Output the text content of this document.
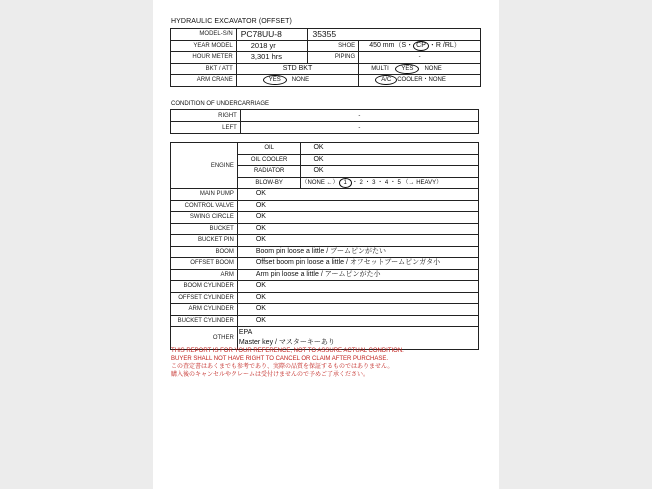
HYDRAULIC EXCAVATOR (OFFSET)
MODEL-S/N	PC78UU-8	35355	
YEAR MODEL	2018 yr	SHOE	450 mm（S・ CP ・R /RL）
HOUR METER	3,301 hrs	PIPING	-
BKT / ATT	STD BKT		MULTI YES NONE
ARM CRANE	YES NONE		A/C COOLER・NONE
CONDITION OF UNDERCARRIAGE
RIGHT	-
LEFT	-
ENGINE	OIL	OK
	OIL COOLER	OK
	RADIATOR	OK
	BLOW-BY	（NONE ←） 1 ・ 2 ・ 3 ・ 4 ・ 5 （→ HEAVY）
MAIN PUMP	OK	
CONTROL VALVE	OK	
SWING CIRCLE	OK	
BUCKET	OK	
BUCKET PIN	OK	
BOOM	Boom pin loose a little / ブームピンがたい	
OFFSET BOOM	Offset boom pin loose a little / オフセットブームピンガタ小	
ARM	Arm pin loose a little / アームピンがた小	
BOOM CYLINDER	OK	
OFFSET CYLINDER	OK	
ARM CYLINDER	OK	
BUCKET CYLINDER	OK	
OTHER	EPA
Master key / マスターキーあり	
THIS REPORT IS FOR YOUR REFERENCE, NOT TO ASSURE ACTUAL CONDITION.
BUYER SHALL NOT HAVE RIGHT TO CANCEL OR CLAIM AFTER PURCHASE.
この査定書はあくまでも参考であり、実際の品質を保証するものではありません。
購入後のキャンセルやクレームは受付けませんので予めご了承ください。
